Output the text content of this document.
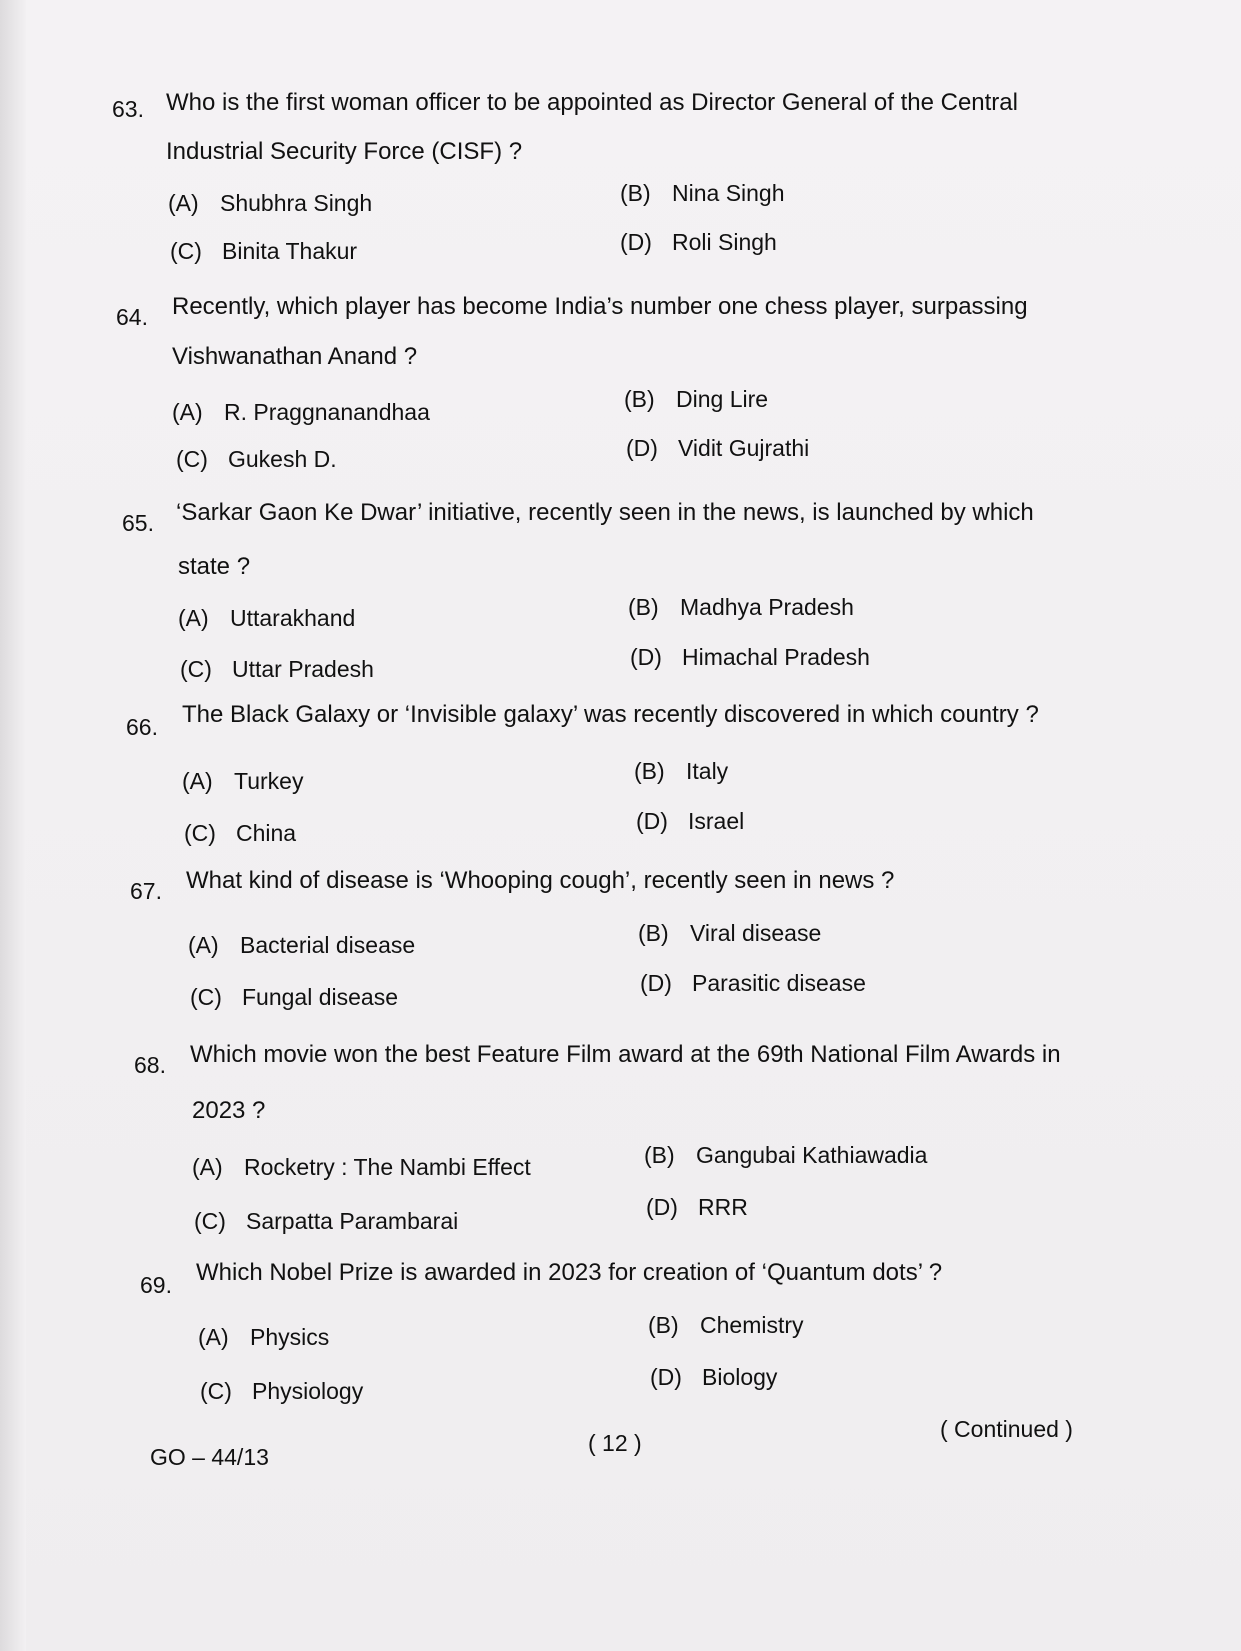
63. Who is the first woman officer to be appointed as Director General of the Central
Industrial Security Force (CISF) ?
(A) Shubhra Singh	(B) Nina Singh
(C) Binita Thakur	(D) Roli Singh
64. Recently, which player has become India’s number one chess player, surpassing
Vishwanathan Anand ?
(A) R. Praggnanandhaa	(B) Ding Lire
(C) Gukesh D.	(D) Vidit Gujrathi
65. ‘Sarkar Gaon Ke Dwar’ initiative, recently seen in the news, is launched by which
state ?
(A) Uttarakhand	(B) Madhya Pradesh
(C) Uttar Pradesh	(D) Himachal Pradesh
66. The Black Galaxy or ‘Invisible galaxy’ was recently discovered in which country ?
(A) Turkey	(B) Italy
(C) China	(D) Israel
67. What kind of disease is ‘Whooping cough’, recently seen in news ?
(A) Bacterial disease	(B) Viral disease
(C) Fungal disease
(D) Parasitic disease
68. Which movie won the best Feature Film award at the 69th National Film Awards in
2023 ?
(A) Rocketry : The Nambi Effect	(B) Gangubai Kathiawadia
(C) Sarpatta Parambarai
(D) RRR
69. Which Nobel Prize is awarded in 2023 for creation of ‘Quantum dots’ ?
(A) Physics	(B) Chemistry
(C) Physiology
(D) Biology
GO – 44/13
( 12 )
( Continued )
